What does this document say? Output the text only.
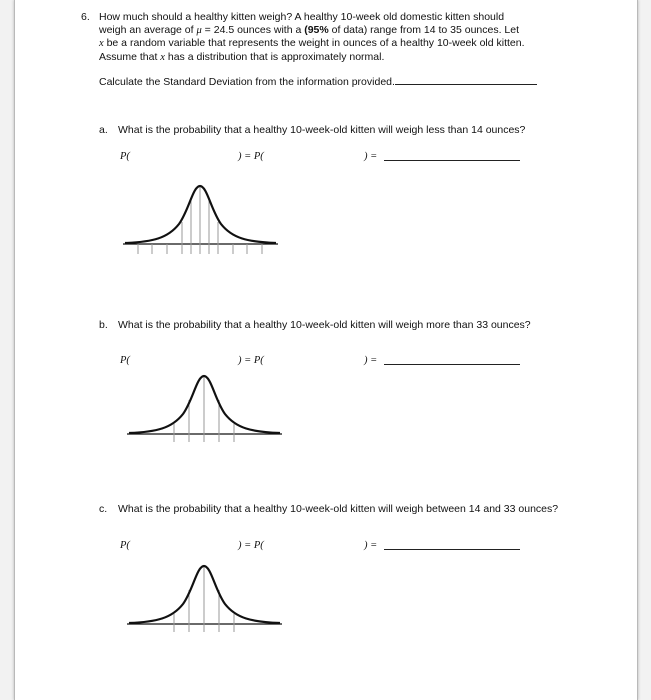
6. How much should a healthy kitten weigh? A healthy 10-week old domestic kitten should

weigh an average of μ = 24.5 ounces with a (95% of data) range from 14 to 35 ounces. Let

x be a random variable that represents the weight in ounces of a healthy 10-week old kitten.

Assume that x has a distribution that is approximately normal.

Calculate the Standard Deviation from the information provided.
a. What is the probability that a healthy 10-week-old kitten will weigh less than 14 ounces?
P(	) = P(	) =
b. What is the probability that a healthy 10-week-old kitten will weigh more than 33 ounces?
P(	) = P(	) =
c. What is the probability that a healthy 10-week-old kitten will weigh between 14 and 33 ounces?
P(	) = P(	) =
